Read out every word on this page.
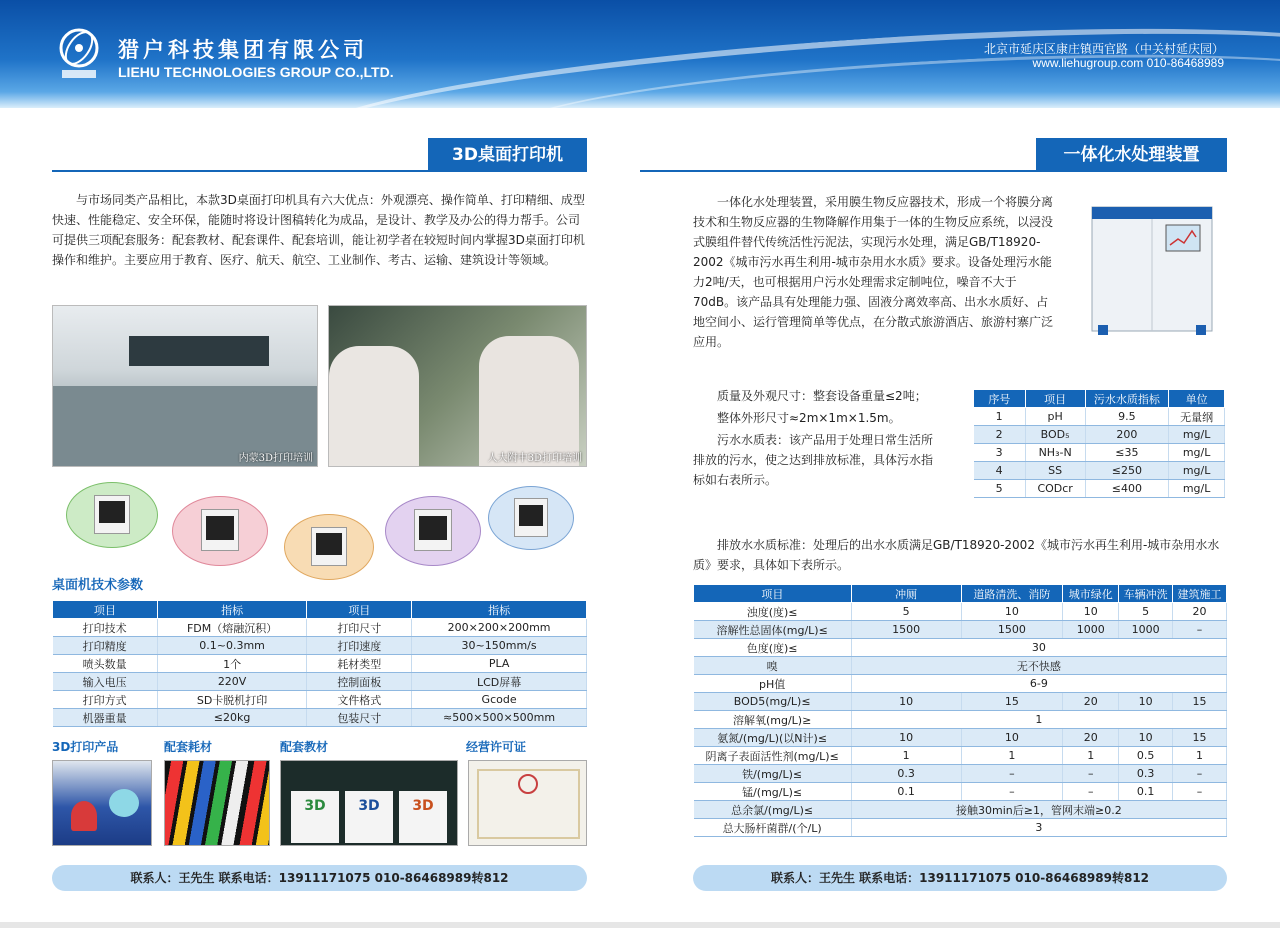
猎户科技集团有限公司
LIEHU TECHNOLOGIES GROUP CO.,LTD.
北京市延庆区康庄镇西官路（中关村延庆园）
www.liehugroup.com 010-86468989
3D桌面打印机
与市场同类产品相比，本款3D桌面打印机具有六大优点：外观漂亮、操作简单、打印精细、成型快速、性能稳定、安全环保，能随时将设计图稿转化为成品，是设计、教学及办公的得力帮手。公司可提供三项配套服务：配套教材、配套课件、配套培训，能让初学者在较短时间内掌握3D桌面打印机操作和维护。主要应用于教育、医疗、航天、航空、工业制作、考古、运输、建筑设计等领域。
内蒙3D打印培训	人大附中3D打印培训
桌面机技术参数
项目	指标	项目	指标
打印技术	FDM（熔融沉积）	打印尺寸	200×200×200mm
打印精度	0.1~0.3mm	打印速度	30~150mm/s
喷头数量	1个	耗材类型	PLA
输入电压	220V	控制面板	LCD屏幕
打印方式	SD卡脱机打印	文件格式	Gcode
机器重量	≤20kg	包装尺寸	≈500×500×500mm
3D打印产品	配套耗材	配套教材	经营许可证
3D	3D	3D
联系人：王先生 联系电话：13911171075 010-86468989转812
一体化水处理装置
一体化水处理装置，采用膜生物反应器技术，形成一个将膜分离技术和生物反应器的生物降解作用集于一体的生物反应系统，以浸没式膜组件替代传统活性污泥法，实现污水处理，满足GB/T18920-2002《城市污水再生利用-城市杂用水水质》要求。设备处理污水能力2吨/天，也可根据用户污水处理需求定制吨位，噪音不大于70dB。该产品具有处理能力强、固液分离效率高、出水水质好、占地空间小、运行管理简单等优点，在分散式旅游酒店、旅游村寨广泛应用。
质量及外观尺寸：整套设备重量≤2吨；
整体外形尺寸≈2m×1m×1.5m。
污水水质表：该产品用于处理日常生活所排放的污水，使之达到排放标准，具体污水指标如右表所示。
序号	项目	污水水质指标	单位
1	pH	9.5	无量纲
2	BOD₅	200	mg/L
3	NH₃-N	≤35	mg/L
4	SS	≤250	mg/L
5	CODcr	≤400	mg/L
排放水水质标准：处理后的出水水质满足GB/T18920-2002《城市污水再生利用-城市杂用水水质》要求，具体如下表所示。
项目	冲厕	道路清洗、消防	城市绿化	车辆冲洗	建筑施工
浊度(度)≤	5	10	10	5	20
溶解性总固体(mg/L)≤	1500	1500	1000	1000	–
色度(度)≤	30				
嗅	无不快感				
pH值	6-9				
BOD5(mg/L)≤	10	15	20	10	15
溶解氧(mg/L)≥	1				
氨氮/(mg/L)(以N计)≤	10	10	20	10	15
阴离子表面活性剂(mg/L)≤	1	1	1	0.5	1
铁/(mg/L)≤	0.3	–	–	0.3	–
锰/(mg/L)≤	0.1	–	–	0.1	–
总余氯/(mg/L)≤	接触30min后≥1，管网末端≥0.2				
总大肠杆菌群/(个/L)	3				
联系人：王先生 联系电话：13911171075 010-86468989转812
